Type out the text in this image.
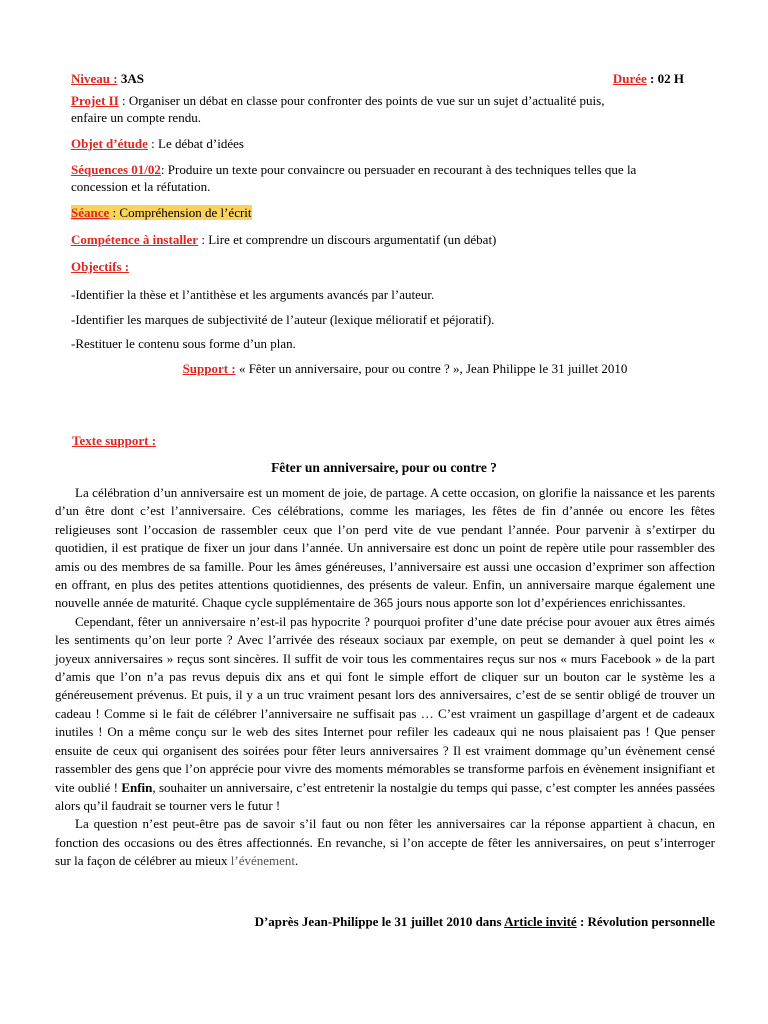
Niveau : 3AS	Durée : 02 H
Projet II : Organiser un débat en classe pour confronter des points de vue sur un sujet d’actualité puis,
enfaire un compte rendu.
Objet d’étude : Le débat d’idées
Séquences 01/02: Produire un texte pour convaincre ou persuader en recourant à des techniques telles que la
concession et la réfutation.
Séance : Compréhension de l’écrit
Compétence à installer : Lire et comprendre un discours argumentatif (un débat)
Objectifs :
-Identifier la thèse et l’antithèse et les arguments avancés par l’auteur.
-Identifier les marques de subjectivité de l’auteur (lexique mélioratif et péjoratif).
-Restituer le contenu sous forme d’un plan.
Support : « Fêter un anniversaire, pour ou contre ? », Jean Philippe le 31 juillet 2010
Texte support :
Fêter un anniversaire, pour ou contre ?

La célébration d’un anniversaire est un moment de joie, de partage. A cette occasion, on glorifie la naissance et les parents d’un être dont c’est l’anniversaire. Ces célébrations, comme les mariages, les fêtes de fin d’année ou encore les fêtes religieuses sont l’occasion de rassembler ceux que l’on perd vite de vue pendant l’année. Pour parvenir à s’extirper du quotidien, il est pratique de fixer un jour dans l’année. Un anniversaire est donc un point de repère utile pour rassembler des amis ou des membres de sa famille. Pour les âmes généreuses, l’anniversaire est aussi une occasion d’exprimer son affection en offrant, en plus des petites attentions quotidiennes, des présents de valeur. Enfin, un anniversaire marque également une nouvelle année de maturité. Chaque cycle supplémentaire de 365 jours nous apporte son lot d’expériences enrichissantes.

Cependant, fêter un anniversaire n’est-il pas hypocrite ? pourquoi profiter d’une date précise pour avouer aux êtres aimés les sentiments qu’on leur porte ? Avec l’arrivée des réseaux sociaux par exemple, on peut se demander à quel point les « joyeux anniversaires » reçus sont sincères. Il suffit de voir tous les commentaires reçus sur nos « murs Facebook » de la part d’amis que l’on n’a pas revus depuis dix ans et qui font le simple effort de cliquer sur un bouton car le système les a généreusement prévenus. Et puis, il y a un truc vraiment pesant lors des anniversaires, c’est de se sentir obligé de trouver un cadeau ! Comme si le fait de célébrer l’anniversaire ne suffisait pas … C’est vraiment un gaspillage d’argent et de cadeaux inutiles ! On a même conçu sur le web des sites Internet pour refiler les cadeaux qui ne nous plaisaient pas ! Que penser ensuite de ceux qui organisent des soirées pour fêter leurs anniversaires ? Il est vraiment dommage qu’un évènement censé rassembler des gens que l’on apprécie pour vivre des moments mémorables se transforme parfois en évènement insignifiant et vite oublié ! Enfin, souhaiter un anniversaire, c’est entretenir la nostalgie du temps qui passe, c’est compter les années passées alors qu’il faudrait se tourner vers le futur !

La question n’est peut-être pas de savoir s’il faut ou non fêter les anniversaires car la réponse appartient à chacun, en fonction des occasions ou des êtres affectionnés. En revanche, si l’on accepte de fêter les anniversaires, on peut s’interroger sur la façon de célébrer au mieux l’événement.

D’après Jean-Philippe le 31 juillet 2010 dans Article invité : Révolution personnelle
